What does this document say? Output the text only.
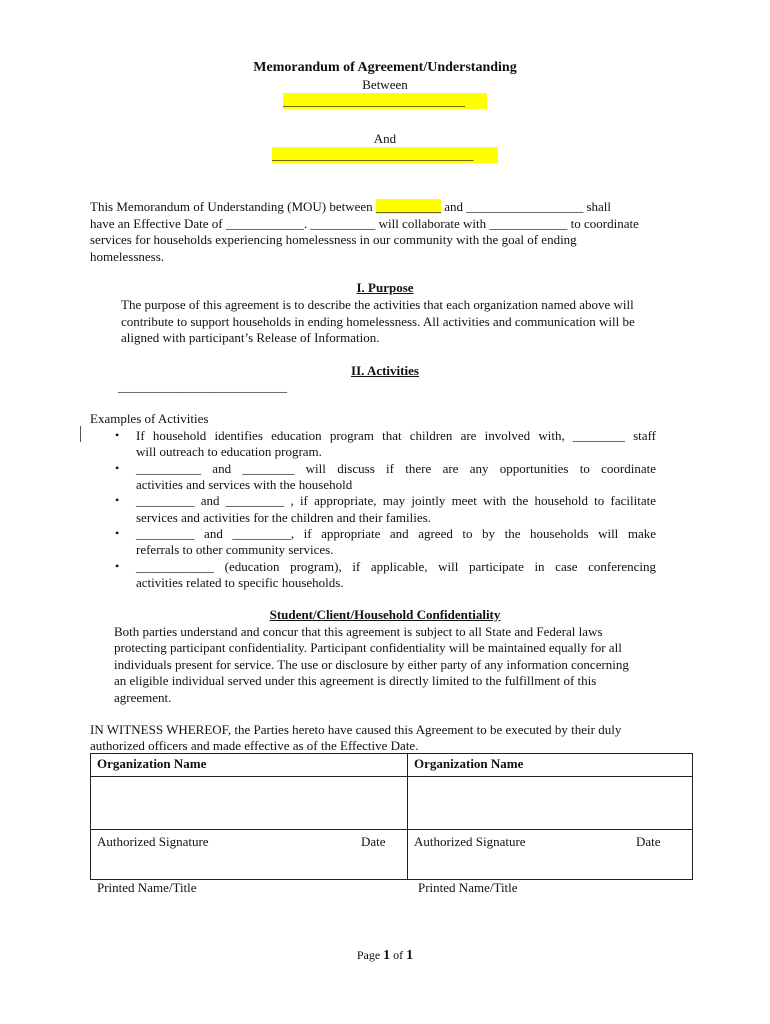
Memorandum of Agreement/Understanding
Between
____________________________
And
_______________________________
This Memorandum of Understanding (MOU) between __________ and __________________ shall
have an Effective Date of ____________. __________ will collaborate with ____________ to coordinate
services for households experiencing homelessness in our community with the goal of ending
homelessness.
I. Purpose
The purpose of this agreement is to describe the activities that each organization named above will
contribute to support households in ending homelessness. All activities and communication will be
aligned with participant’s Release of Information.
II. Activities
__________________________
Examples of Activities
• If household identifies education program that children are involved with, ________ staff
will outreach to education program.
• __________ and ________ will discuss if there are any opportunities to coordinate
activities and services with the household
• _________ and _________ , if appropriate, may jointly meet with the household to facilitate
services and activities for the children and their families.
• _________ and _________, if appropriate and agreed to by the households will make
referrals to other community services.
• ____________ (education program), if applicable, will participate in case conferencing
activities related to specific households.
Student/Client/Household Confidentiality
Both parties understand and concur that this agreement is subject to all State and Federal laws
protecting participant confidentiality. Participant confidentiality will be maintained equally for all
individuals present for service. The use or disclosure by either party of any information concerning
an eligible individual served under this agreement is directly limited to the fulfillment of this
agreement.
IN WITNESS WHEREOF, the Parties hereto have caused this Agreement to be executed by their duly
authorized officers and made effective as of the Effective Date.
Organization Name	Organization Name

Authorized Signature Date	Authorized Signature Date
Printed Name/Title	Printed Name/Title
Page 1 of 1
